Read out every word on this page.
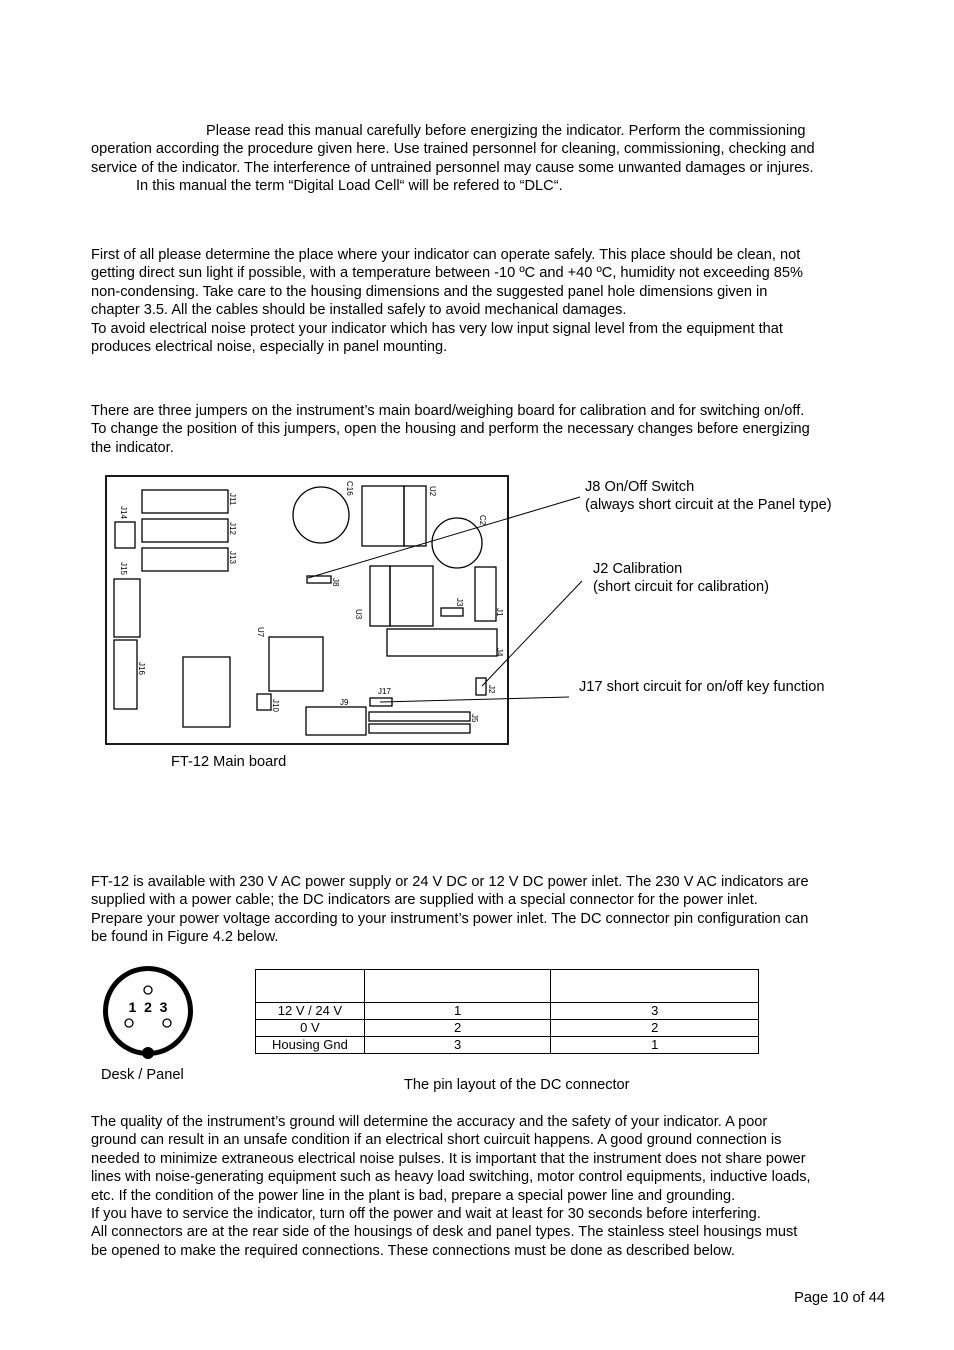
Please read this manual carefully before energizing the indicator. Perform the commissioning
operation according the procedure given here. Use trained personnel for cleaning, commissioning, checking and
service of the indicator. The interference of untrained personnel may cause some unwanted damages or injures.
In this manual the term “Digital Load Cell“ will be refered to “DLC“.
First of all please determine the place where your indicator can operate safely. This place should be clean, not
getting direct sun light if possible, with a temperature between -10 ºC and +40 ºC, humidity not exceeding 85%
non-condensing. Take care to the housing dimensions and the suggested panel hole dimensions given in
chapter 3.5. All the cables should be installed safely to avoid mechanical damages.
To avoid electrical noise protect your indicator which has very low input signal level from the equipment that
produces electrical noise, especially in panel mounting.
There are three jumpers on the instrument’s main board/weighing board for calibration and for switching on/off.
To change the position of this jumpers, open the housing and perform the necessary changes before energizing
the indicator.
J11
J12
J13
J14
J15
J16
C16	U2
C2
J8
J3
J1
U3
U7
J4
J2
J17
J10	J9
J5
J8 On/Off Switch
(always short circuit at the Panel type)
J2 Calibration
(short circuit for calibration)
J17 short circuit for on/off key function
FT-12 Main board
FT-12 is available with 230 V AC power supply or 24 V DC or 12 V DC power inlet. The 230 V AC indicators are
supplied with a power cable; the DC indicators are supplied with a special connector for the power inlet.
Prepare your power voltage according to your instrument’s power inlet. The DC connector pin configuration can
be found in Figure 4.2 below.
1  2  3
Desk / Panel

12 V / 24 V	1	3
0 V	2	2
Housing Gnd	3	1
The pin layout of the DC connector
The quality of the instrument’s ground will determine the accuracy and the safety of your indicator. A poor
ground can result in an unsafe condition if an electrical short cuircuit happens. A good ground connection is
needed to minimize extraneous electrical noise pulses. It is important that the instrument does not share power
lines with noise-generating equipment such as heavy load switching, motor control equipments, inductive loads,
etc. If the condition of the power line in the plant is bad, prepare a special power line and grounding.
If you have to service the indicator, turn off the power and wait at least for 30 seconds before interfering.
All connectors are at the rear side of the housings of desk and panel types. The stainless steel housings must
be opened to make the required connections. These connections must be done as described below.
Page 10 of 44
